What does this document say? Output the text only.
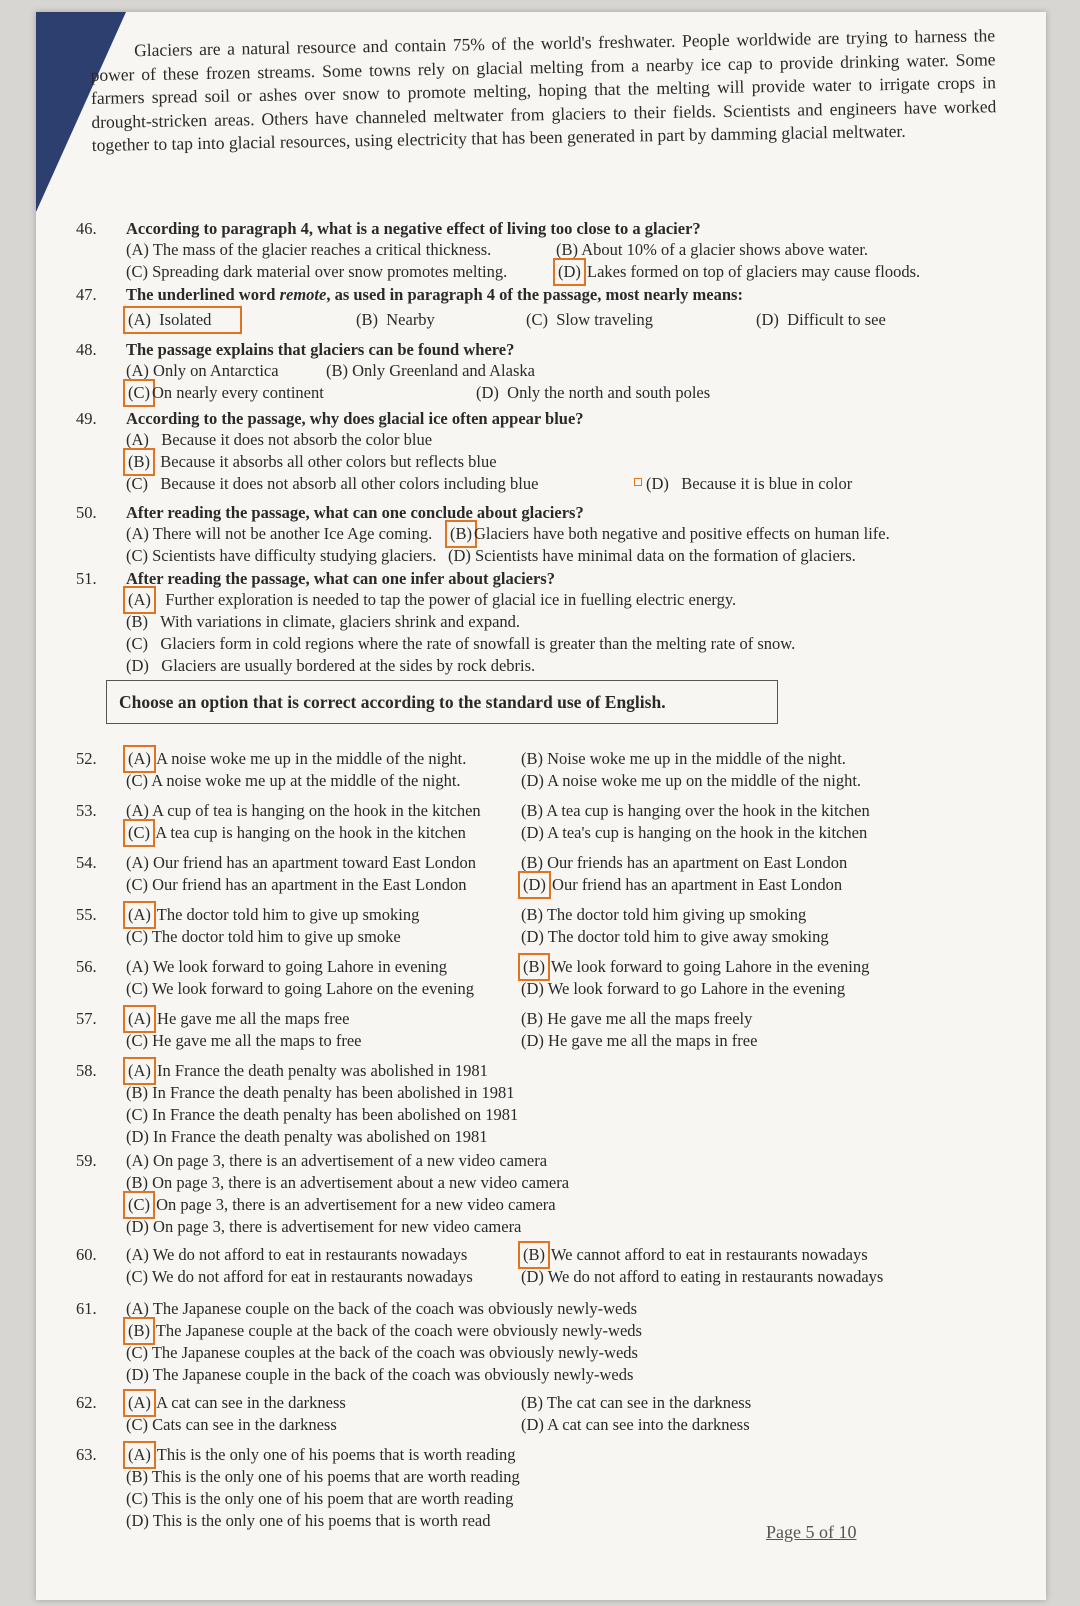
Glaciers are a natural resource and contain 75% of the world's freshwater. People worldwide are trying to harness the power of these frozen streams. Some towns rely on glacial melting from a nearby ice cap to provide drinking water. Some farmers spread soil or ashes over snow to promote melting, hoping that the melting will provide water to irrigate crops in drought-stricken areas. Others have channeled meltwater from glaciers to their fields. Scientists and engineers have worked together to tap into glacial resources, using electricity that has been generated in part by damming glacial meltwater.
46.	According to paragraph 4, what is a negative effect of living too close to a glacier?
(A) The mass of the glacier reaches a critical thickness.	(B) About 10% of a glacier shows above water.
(C) Spreading dark material over snow promotes melting.	(D) Lakes formed on top of glaciers may cause floods.
47.	The underlined word remote, as used in paragraph 4 of the passage, most nearly means:
(A) Isolated	(B) Nearby	(C) Slow traveling	(D) Difficult to see
48.	The passage explains that glaciers can be found where?
(A) Only on Antarctica	(B) Only Greenland and Alaska
(C) On nearly every continent	(D) Only the north and south poles
49.	According to the passage, why does glacial ice often appear blue?
(A) Because it does not absorb the color blue
(B) Because it absorbs all other colors but reflects blue
(C) Because it does not absorb all other colors including blue	(D) Because it is blue in color
50.	After reading the passage, what can one conclude about glaciers?
(A) There will not be another Ice Age coming.	(B) Glaciers have both negative and positive effects on human life.
(C) Scientists have difficulty studying glaciers. (D) Scientists have minimal data on the formation of glaciers.
51.	After reading the passage, what can one infer about glaciers?
(A) Further exploration is needed to tap the power of glacial ice in fuelling electric energy.
(B) With variations in climate, glaciers shrink and expand.
(C) Glaciers form in cold regions where the rate of snowfall is greater than the melting rate of snow.
(D) Glaciers are usually bordered at the sides by rock debris.
Choose an option that is correct according to the standard use of English.
52.	(A) A noise woke me up in the middle of the night.	(B) Noise woke me up in the middle of the night.
(C) A noise woke me up at the middle of the night.	(D) A noise woke me up on the middle of the night.
53.	(A) A cup of tea is hanging on the hook in the kitchen	(B) A tea cup is hanging over the hook in the kitchen
(C) A tea cup is hanging on the hook in the kitchen	(D) A tea's cup is hanging on the hook in the kitchen
54.	(A) Our friend has an apartment toward East London	(B) Our friends has an apartment on East London
(C) Our friend has an apartment in the East London	(D) Our friend has an apartment in East London
55.	(A) The doctor told him to give up smoking	(B) The doctor told him giving up smoking
(C) The doctor told him to give up smoke	(D) The doctor told him to give away smoking
56.	(A) We look forward to going Lahore in evening	(B) We look forward to going Lahore in the evening
(C) We look forward to going Lahore on the evening	(D) We look forward to go Lahore in the evening
57.	(A) He gave me all the maps free	(B) He gave me all the maps freely
(C) He gave me all the maps to free	(D) He gave me all the maps in free
58. (A) In France the death penalty was abolished in 1981
(B) In France the death penalty has been abolished in 1981
(C) In France the death penalty has been abolished on 1981
(D) In France the death penalty was abolished on 1981
59. (A) On page 3, there is an advertisement of a new video camera
(B) On page 3, there is an advertisement about a new video camera
(C) On page 3, there is an advertisement for a new video camera
(D) On page 3, there is advertisement for new video camera
60.	(A) We do not afford to eat in restaurants nowadays	(B) We cannot afford to eat in restaurants nowadays
(C) We do not afford for eat in restaurants nowadays	(D) We do not afford to eating in restaurants nowadays
61. (A) The Japanese couple on the back of the coach was obviously newly-weds
(B) The Japanese couple at the back of the coach were obviously newly-weds
(C) The Japanese couples at the back of the coach was obviously newly-weds
(D) The Japanese couple in the back of the coach was obviously newly-weds
62.	(A) A cat can see in the darkness	(B) The cat can see in the darkness
(C) Cats can see in the darkness	(D) A cat can see into the darkness
63. (A) This is the only one of his poems that is worth reading
(B) This is the only one of his poems that are worth reading
(C) This is the only one of his poem that are worth reading
(D) This is the only one of his poems that is worth read
Page 5 of 10
